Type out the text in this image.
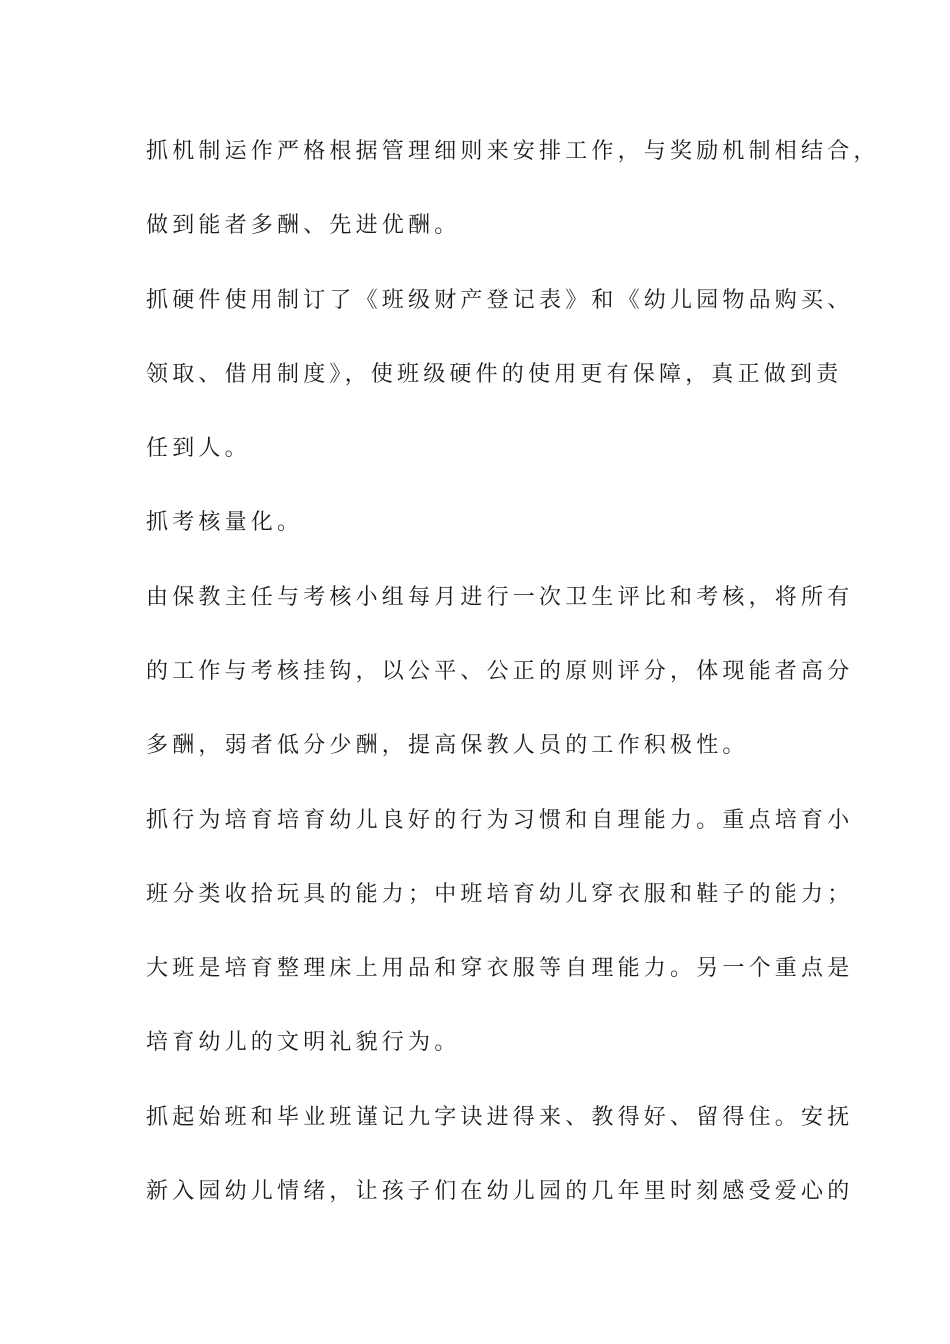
抓机制运作严格根据管理细则来安排工作，与奖励机制相结合，

做到能者多酬、先进优酬。

抓硬件使用制订了《班级财产登记表》和《幼儿园物品购买、

领取、借用制度》，使班级硬件的使用更有保障，真正做到责

任到人。

抓考核量化。

由保教主任与考核小组每月进行一次卫生评比和考核，将所有

的工作与考核挂钩，以公平、公正的原则评分，体现能者高分

多酬，弱者低分少酬，提高保教人员的工作积极性。

抓行为培育培育幼儿良好的行为习惯和自理能力。重点培育小

班分类收拾玩具的能力；中班培育幼儿穿衣服和鞋子的能力；

大班是培育整理床上用品和穿衣服等自理能力。另一个重点是

培育幼儿的文明礼貌行为。

抓起始班和毕业班谨记九字诀进得来、教得好、留得住。安抚

新入园幼儿情绪，让孩子们在幼儿园的几年里时刻感受爱心的
